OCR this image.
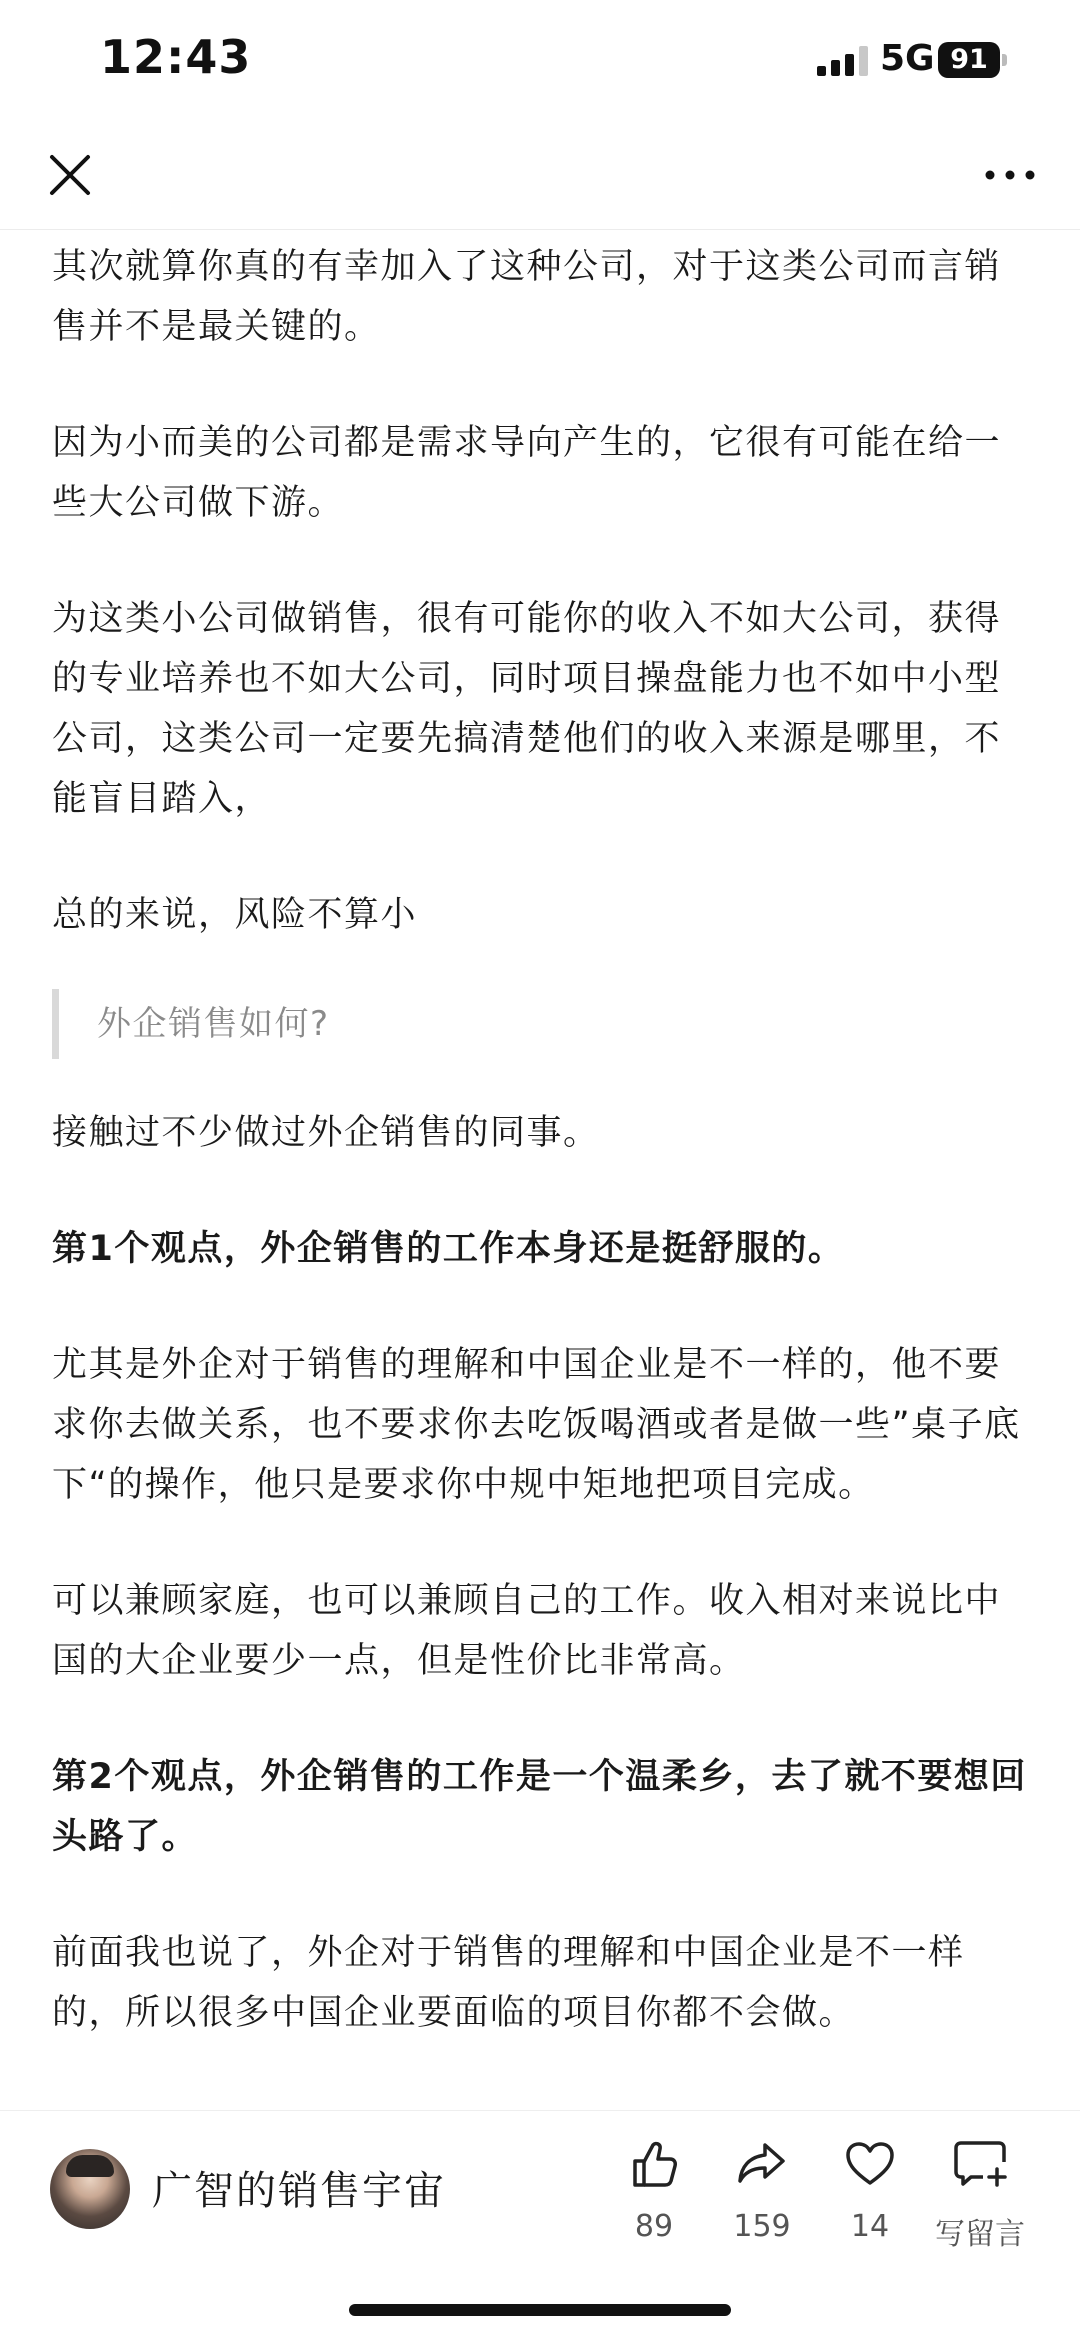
12:43	5G 91

其次就算你真的有幸加入了这种公司，对于这类公司而言销售并不是最关键的。

因为小而美的公司都是需求导向产生的，它很有可能在给一些大公司做下游。

为这类小公司做销售，很有可能你的收入不如大公司，获得的专业培养也不如大公司，同时项目操盘能力也不如中小型公司，这类公司一定要先搞清楚他们的收入来源是哪里，不能盲目踏入，

总的来说，风险不算小

外企销售如何?

接触过不少做过外企销售的同事。

第1个观点，外企销售的工作本身还是挺舒服的。

尤其是外企对于销售的理解和中国企业是不一样的，他不要求你去做关系，也不要求你去吃饭喝酒或者是做一些”桌子底下“的操作，他只是要求你中规中矩地把项目完成。

可以兼顾家庭，也可以兼顾自己的工作。收入相对来说比中国的大企业要少一点，但是性价比非常高。

第2个观点，外企销售的工作是一个温柔乡，去了就不要想回头路了。

前面我也说了，外企对于销售的理解和中国企业是不一样的，所以很多中国企业要面临的项目你都不会做。

广智的销售宇宙
89	159	14	写留言
